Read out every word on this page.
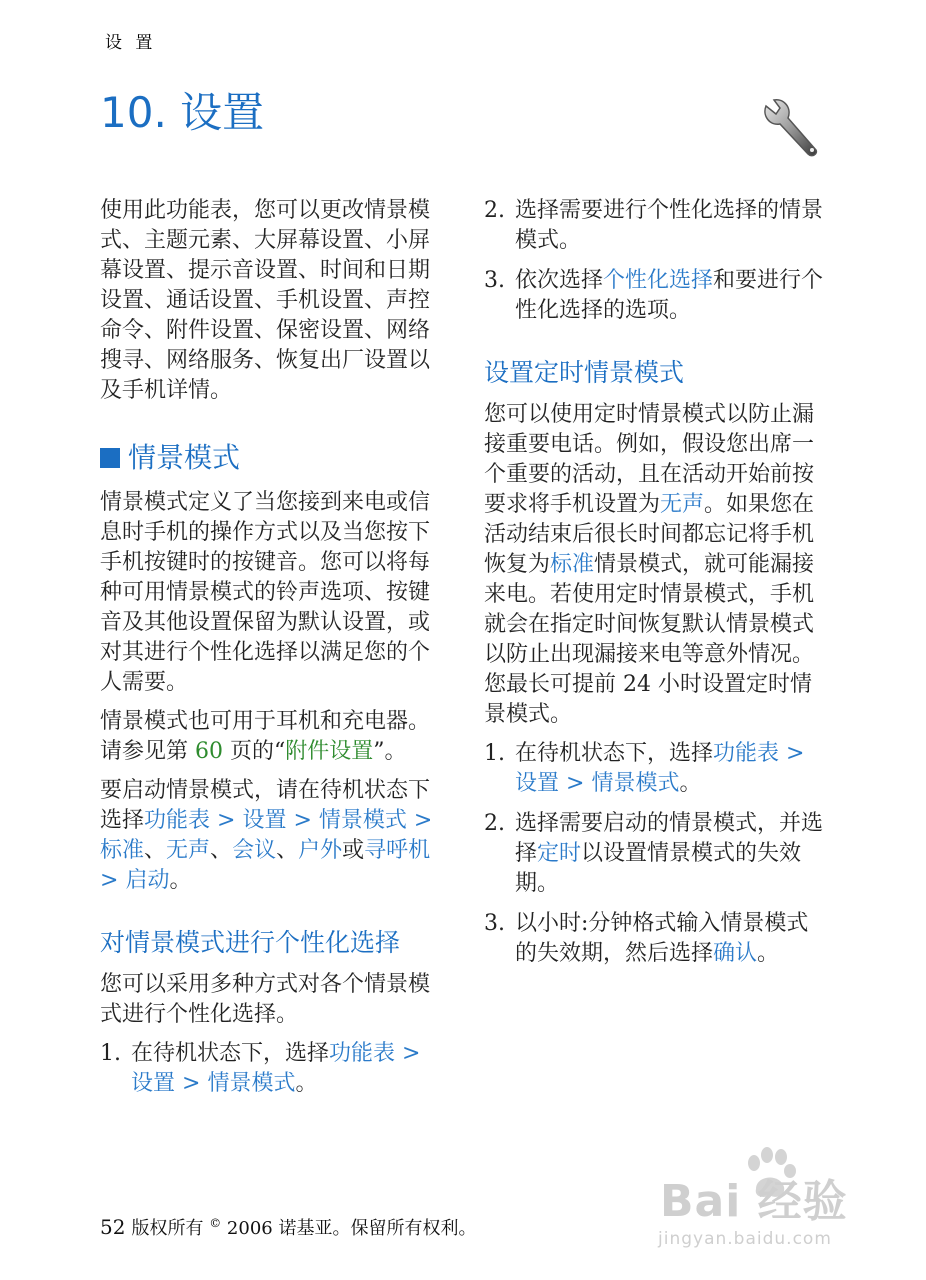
设 置
10. 设置

使用此功能表，您可以更改情景模式、主题元素、大屏幕设置、小屏幕设置、提示音设置、时间和日期设置、通话设置、手机设置、声控命令、附件设置、保密设置、网络搜寻、网络服务、恢复出厂设置以及手机详情。

情景模式

情景模式定义了当您接到来电或信息时手机的操作方式以及当您按下手机按键时的按键音。您可以将每种可用情景模式的铃声选项、按键音及其他设置保留为默认设置，或对其进行个性化选择以满足您的个人需要。

情景模式也可用于耳机和充电器。请参见第 60 页的“附件设置”。

要启动情景模式，请在待机状态下选择功能表 > 设置 > 情景模式 > 标准、无声、会议、户外或寻呼机 > 启动。

对情景模式进行个性化选择

您可以采用多种方式对各个情景模式进行个性化选择。

1. 在待机状态下，选择功能表 > 设置 > 情景模式。
2. 选择需要进行个性化选择的情景模式。
3. 依次选择个性化选择和要进行个性化选择的选项。
设置定时情景模式

您可以使用定时情景模式以防止漏接重要电话。例如，假设您出席一个重要的活动，且在活动开始前按要求将手机设置为无声。如果您在活动结束后很长时间都忘记将手机恢复为标准情景模式，就可能漏接来电。若使用定时情景模式，手机就会在指定时间恢复默认情景模式以防止出现漏接来电等意外情况。您最长可提前 24 小时设置定时情景模式。

1. 在待机状态下，选择功能表 > 设置 > 情景模式。
2. 选择需要启动的情景模式，并选择定时以设置情景模式的失效期。
3. 以小时:分钟格式输入情景模式的失效期，然后选择确认。
52 版权所有 © 2006 诺基亚。保留所有权利。
Bai 经验
jingyan.baidu.com
